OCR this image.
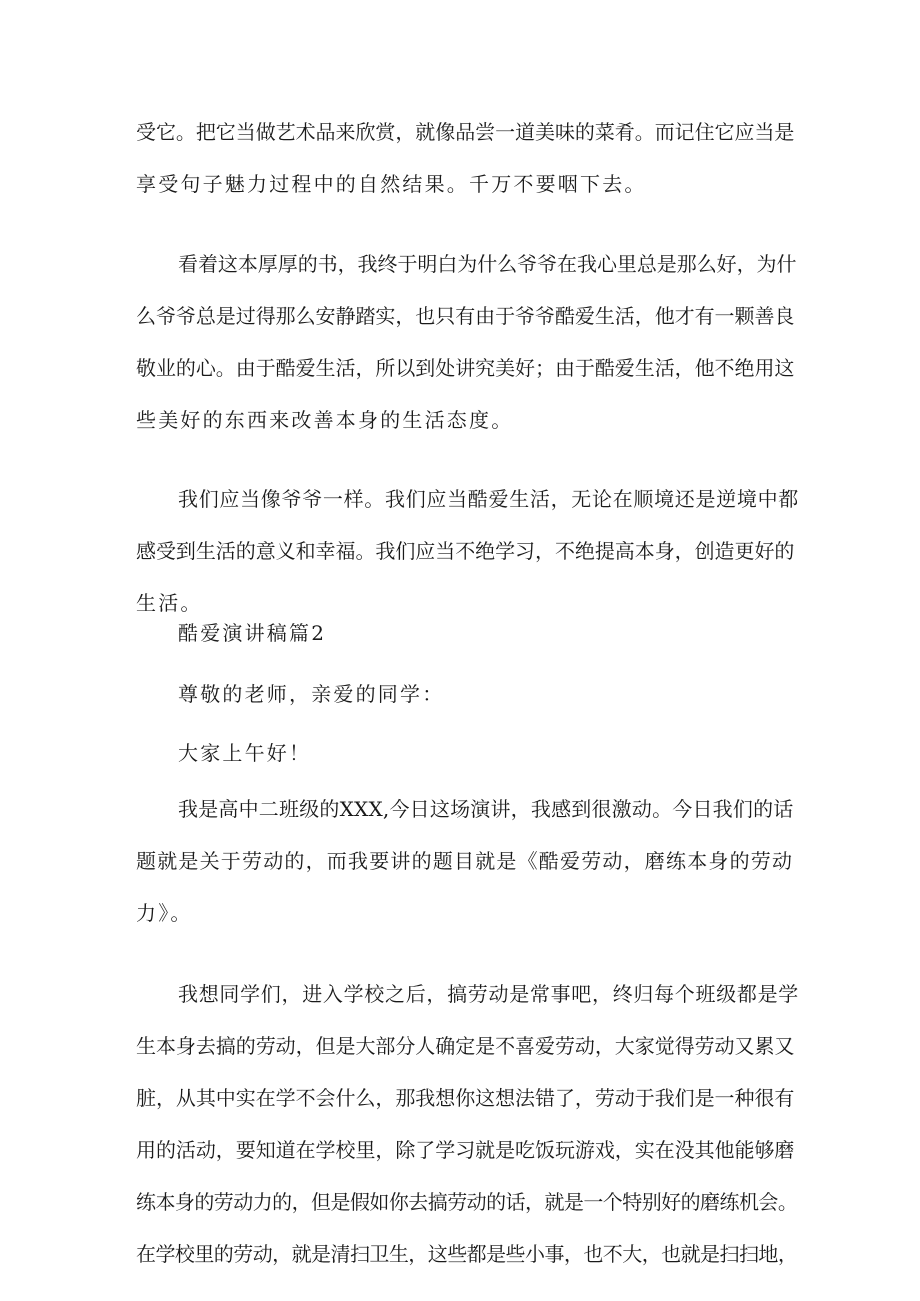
受它。把它当做艺术品来欣赏，就像品尝一道美味的菜肴。而记住它应当是
享受句子魅力过程中的自然结果。千万不要咽下去。
看着这本厚厚的书，我终于明白为什么爷爷在我心里总是那么好，为什
么爷爷总是过得那么安静踏实，也只有由于爷爷酷爱生活，他才有一颗善良
敬业的心。由于酷爱生活，所以到处讲究美好；由于酷爱生活，他不绝用这
些美好的东西来改善本身的生活态度。
我们应当像爷爷一样。我们应当酷爱生活，无论在顺境还是逆境中都
感受到生活的意义和幸福。我们应当不绝学习，不绝提高本身，创造更好的
生活。
酷爱演讲稿篇2
尊敬的老师，亲爱的同学：
大家上午好！
我是高中二班级的XXX,今日这场演讲，我感到很激动。今日我们的话
题就是关于劳动的，而我要讲的题目就是《酷爱劳动，磨练本身的劳动
力》。
我想同学们，进入学校之后，搞劳动是常事吧，终归每个班级都是学
生本身去搞的劳动，但是大部分人确定是不喜爱劳动，大家觉得劳动又累又
脏，从其中实在学不会什么，那我想你这想法错了，劳动于我们是一种很有
用的活动，要知道在学校里，除了学习就是吃饭玩游戏，实在没其他能够磨
练本身的劳动力的，但是假如你去搞劳动的话，就是一个特别好的磨练机会。
在学校里的劳动，就是清扫卫生，这些都是些小事，也不大，也就是扫扫地，
